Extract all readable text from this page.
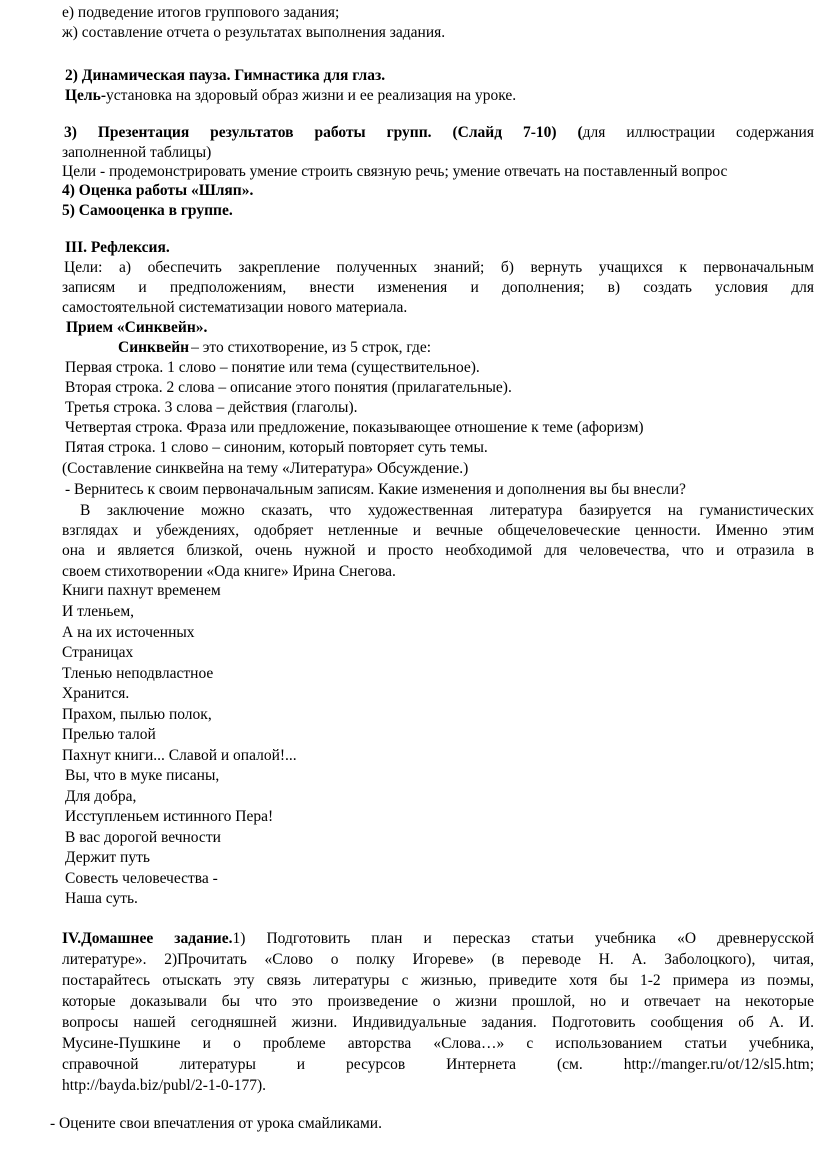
е) подведение итогов группового задания;
ж) составление отчета о результатах выполнения задания.
2) Динамическая пауза. Гимнастика для глаз.
Цель-установка на здоровый образ жизни и ее реализация на уроке.
3) Презентация результатов работы групп. (Слайд 7-10) (для иллюстрации содержания
заполненной таблицы)
Цели - продемонстрировать умение строить связную речь; умение отвечать на поставленный вопрос
4) Оценка работы «Шляп».
5) Самооценка в группе.
III. Рефлексия.
Цели: а) обеспечить закрепление полученных знаний; б) вернуть учащихся к первоначальным
записям и предположениям, внести изменения и дополнения; в) создать условия для
самостоятельной систематизации нового материала.
Прием «Синквейн».
Синквейн – это стихотворение, из 5 строк, где:
Первая строка. 1 слово – понятие или тема (существительное).
Вторая строка. 2 слова – описание этого понятия (прилагательные).
Третья строка. 3 слова – действия (глаголы).
Четвертая строка. Фраза или предложение, показывающее отношение к теме (афоризм)
Пятая строка. 1 слово – синоним, который повторяет суть темы.
(Составление синквейна на тему «Литература» Обсуждение.)
- Вернитесь к своим первоначальным записям. Какие изменения и дополнения вы бы внесли?
В заключение можно сказать, что художественная литература базируется на гуманистических
взглядах и убеждениях, одобряет нетленные и вечные общечеловеческие ценности. Именно этим
она и является близкой, очень нужной и просто необходимой для человечества, что и отразила в
своем стихотворении «Ода книге» Ирина Снегова.
Книги пахнут временем
И тленьем,
А на их источенных
Страницах
Тленью неподвластное
Хранится.
Прахом, пылью полок,
Прелью талой
Пахнут книги... Славой и опалой!...
Вы, что в муке писаны,
Для добра,
Исступленьем истинного Пера!
В вас дорогой вечности
Держит путь
Совесть человечества -
Наша суть.
IV.Домашнее задание.1) Подготовить план и пересказ статьи учебника «О древнерусской
литературе». 2)Прочитать «Слово о полку Игореве» (в переводе Н. А. Заболоцкого), читая,
постарайтесь отыскать эту связь литературы с жизнью, приведите хотя бы 1-2 примера из поэмы,
которые доказывали бы что это произведение о жизни прошлой, но и отвечает на некоторые
вопросы нашей сегодняшней жизни. Индивидуальные задания. Подготовить сообщения об А. И.
Мусине-Пушкине и о проблеме авторства «Слова…» с использованием статьи учебника,
справочной литературы и ресурсов Интернета (см. http://manger.ru/ot/12/sl5.htm;
http://bayda.biz/publ/2-1-0-177).
- Оцените свои впечатления от урока смайликами.
